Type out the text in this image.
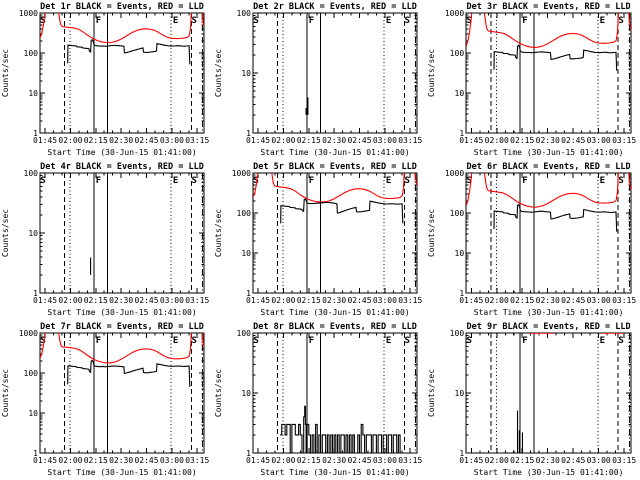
S	F	E S
Det 1r BLACK = Events, RED = LLD
1
10
100
1000
01:45 02:00 02:15 02:30 02:45 03:00 03:15
Start Time (30-Jun-15 01:41:00)
Counts/sec
S	F	E S
Det 2r BLACK = Events, RED = LLD
1
10
100
01:45 02:00 02:15 02:30 02:45 03:00 03:15
Start Time (30-Jun-15 01:41:00)
Counts/sec
S	F	E S
Det 3r BLACK = Events, RED = LLD
1
10
100
1000
01:45 02:00 02:15 02:30 02:45 03:00 03:15
Start Time (30-Jun-15 01:41:00)
Counts/sec
S	F	E S
Det 4r BLACK = Events, RED = LLD
1
10
100
01:45 02:00 02:15 02:30 02:45 03:00 03:15
Start Time (30-Jun-15 01:41:00)
Counts/sec
S	F	E S
Det 5r BLACK = Events, RED = LLD
1
10
100
1000
01:45 02:00 02:15 02:30 02:45 03:00 03:15
Start Time (30-Jun-15 01:41:00)
Counts/sec
S	F	E S
Det 6r BLACK = Events, RED = LLD
1
10
100
1000
01:45 02:00 02:15 02:30 02:45 03:00 03:15
Start Time (30-Jun-15 01:41:00)
Counts/sec
S	F	E S
Det 7r BLACK = Events, RED = LLD
1
10
100
1000
01:45 02:00 02:15 02:30 02:45 03:00 03:15
Start Time (30-Jun-15 01:41:00)
Counts/sec
S	F	E S
Det 8r BLACK = Events, RED = LLD
1
10
100
01:45 02:00 02:15 02:30 02:45 03:00 03:15
Start Time (30-Jun-15 01:41:00)
Counts/sec
S	F	E S
Det 9r BLACK = Events, RED = LLD
1
10
100
01:45 02:00 02:15 02:30 02:45 03:00 03:15
Start Time (30-Jun-15 01:41:00)
Counts/sec
